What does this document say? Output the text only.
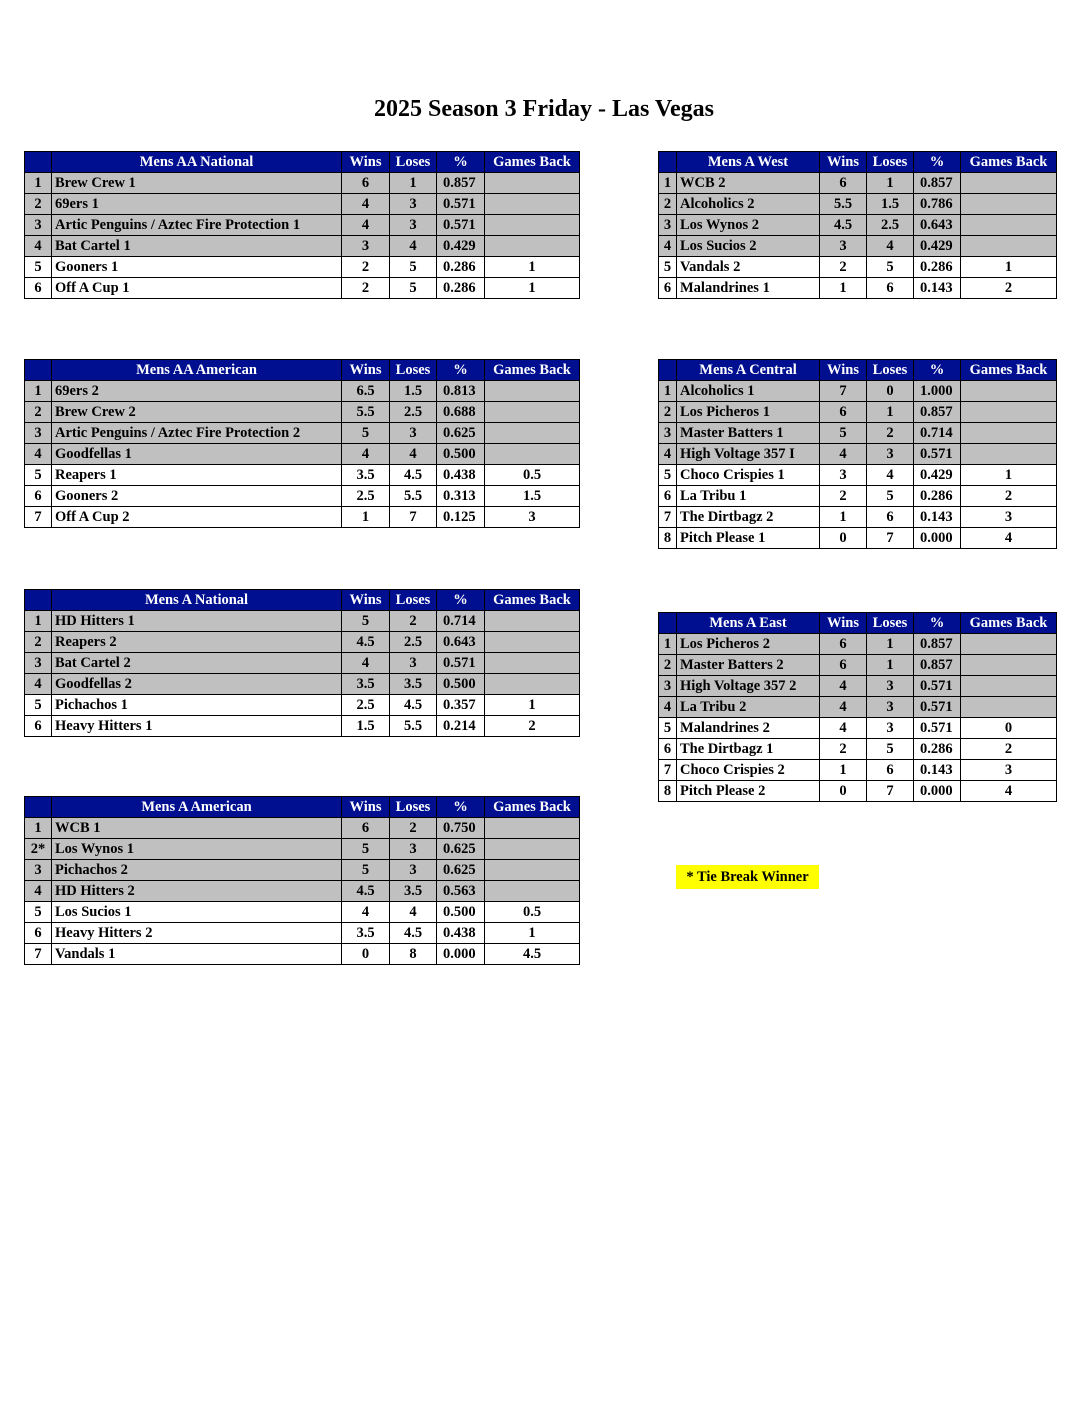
2025 Season 3 Friday - Las Vegas
	Mens AA National	Wins	Loses	%	Games Back
1	Brew Crew 1	6	1	0.857	
2	69ers 1	4	3	0.571	
3	Artic Penguins / Aztec Fire Protection 1	4	3	0.571	
4	Bat Cartel 1	3	4	0.429	
5	Gooners 1	2	5	0.286	1
6	Off A Cup 1	2	5	0.286	1
	Mens AA American	Wins	Loses	%	Games Back
1	69ers 2	6.5	1.5	0.813	
2	Brew Crew 2	5.5	2.5	0.688	
3	Artic Penguins / Aztec Fire Protection 2	5	3	0.625	
4	Goodfellas 1	4	4	0.500	
5	Reapers 1	3.5	4.5	0.438	0.5
6	Gooners 2	2.5	5.5	0.313	1.5
7	Off A Cup 2	1	7	0.125	3
	Mens A National	Wins	Loses	%	Games Back
1	HD Hitters 1	5	2	0.714	
2	Reapers 2	4.5	2.5	0.643	
3	Bat Cartel 2	4	3	0.571	
4	Goodfellas 2	3.5	3.5	0.500	
5	Pichachos 1	2.5	4.5	0.357	1
6	Heavy Hitters 1	1.5	5.5	0.214	2
	Mens A American	Wins	Loses	%	Games Back
1	WCB 1	6	2	0.750	
2*	Los Wynos 1	5	3	0.625	
3	Pichachos 2	5	3	0.625	
4	HD Hitters 2	4.5	3.5	0.563	
5	Los Sucios 1	4	4	0.500	0.5
6	Heavy Hitters 2	3.5	4.5	0.438	1
7	Vandals 1	0	8	0.000	4.5
	Mens A West	Wins	Loses	%	Games Back
1	WCB 2	6	1	0.857	
2	Alcoholics 2	5.5	1.5	0.786	
3	Los Wynos 2	4.5	2.5	0.643	
4	Los Sucios 2	3	4	0.429	
5	Vandals 2	2	5	0.286	1
6	Malandrines 1	1	6	0.143	2
	Mens A Central	Wins	Loses	%	Games Back
1	Alcoholics 1	7	0	1.000	
2	Los Picheros 1	6	1	0.857	
3	Master Batters 1	5	2	0.714	
4	High Voltage 357 I	4	3	0.571	
5	Choco Crispies 1	3	4	0.429	1
6	La Tribu 1	2	5	0.286	2
7	The Dirtbagz 2	1	6	0.143	3
8	Pitch Please 1	0	7	0.000	4
	Mens A East	Wins	Loses	%	Games Back
1	Los Picheros 2	6	1	0.857	
2	Master Batters 2	6	1	0.857	
3	High Voltage 357 2	4	3	0.571	
4	La Tribu 2	4	3	0.571	
5	Malandrines 2	4	3	0.571	0
6	The Dirtbagz 1	2	5	0.286	2
7	Choco Crispies 2	1	6	0.143	3
8	Pitch Please 2	0	7	0.000	4
* Tie Break Winner
